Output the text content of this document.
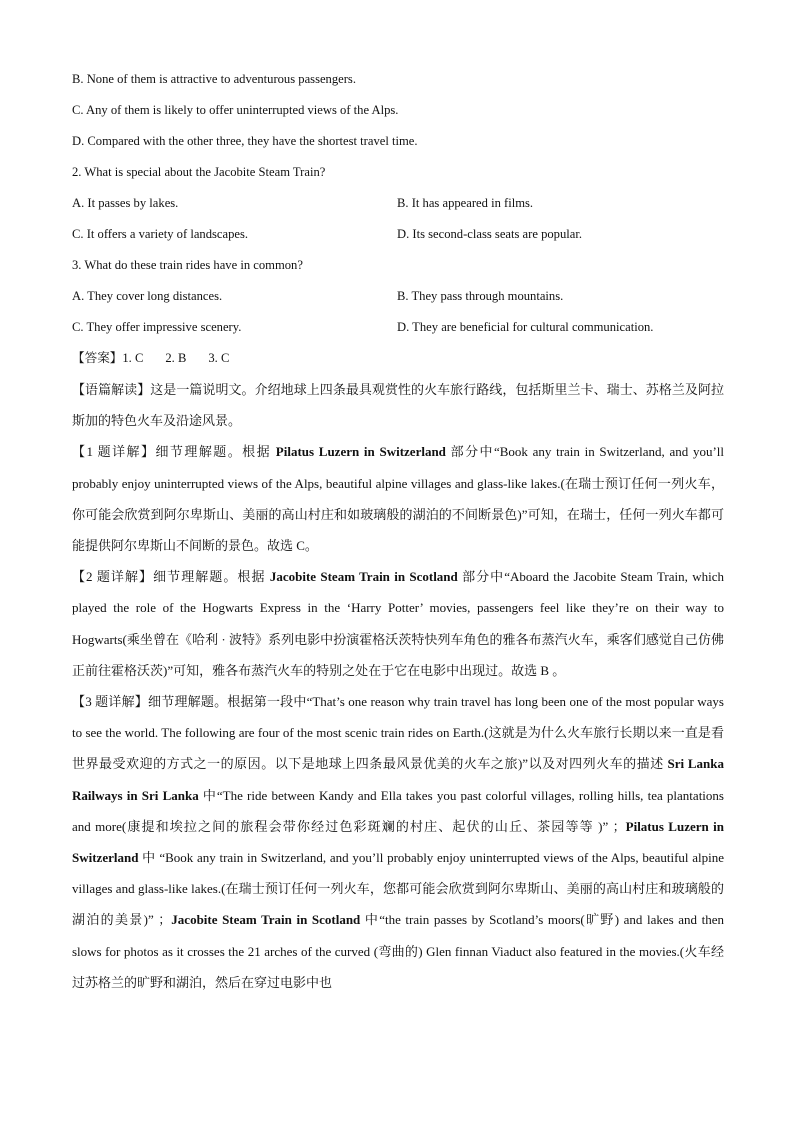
B. None of them is attractive to adventurous passengers.
C. Any of them is likely to offer uninterrupted views of the Alps.
D. Compared with the other three, they have the shortest travel time.
2. What is special about the Jacobite Steam Train?
A. It passes by lakes.	B. It has appeared in films.
C. It offers a variety of landscapes.	D. Its second-class seats are popular.
3. What do these train rides have in common?
A. They cover long distances.	B. They pass through mountains.
C. They offer impressive scenery.	D. They are beneficial for cultural communication.
【答案】1. C 2. B 3. C
【语篇解读】这是一篇说明文。介绍地球上四条最具观赏性的火车旅行路线，包括斯里兰卡、瑞士、苏格兰及阿拉斯加的特色火车及沿途风景。
【1 题详解】细节理解题。根据 Pilatus Luzern in Switzerland 部分中“Book any train in Switzerland, and you’ll probably enjoy uninterrupted views of the Alps, beautiful alpine villages and glass-like lakes.(在瑞士预订任何一列火车，你可能会欣赏到阿尔卑斯山、美丽的高山村庄和如玻璃般的湖泊的不间断景色)”可知，在瑞士，任何一列火车都可能提供阿尔卑斯山不间断的景色。故选 C。
【2 题详解】细节理解题。根据 Jacobite Steam Train in Scotland 部分中“Aboard the Jacobite Steam Train, which played the role of the Hogwarts Express in the ‘Harry Potter’ movies, passengers feel like they’re on their way to Hogwarts(乘坐曾在《哈利 · 波特》系列电影中扮演霍格沃茨特快列车角色的雅各布蒸汽火车，乘客们感觉自己仿佛正前往霍格沃茨)”可知，雅各布蒸汽火车的特别之处在于它在电影中出现过。故选 B 。
【3 题详解】细节理解题。根据第一段中“That’s one reason why train travel has long been one of the most popular ways to see the world. The following are four of the most scenic train rides on Earth.(这就是为什么火车旅行长期以来一直是看世界最受欢迎的方式之一的原因。以下是地球上四条最风景优美的火车之旅)”以及对四列火车的描述 Sri Lanka Railways in Sri Lanka 中“The ride between Kandy and Ella takes you past colorful villages, rolling hills, tea plantations and more(康提和埃拉之间的旅程会带你经过色彩斑斓的村庄、起伏的山丘、茶园等等 )” ；Pilatus Luzern in Switzerland 中 “Book any train in Switzerland, and you’ll probably enjoy uninterrupted views of the Alps, beautiful alpine villages and glass-like lakes.(在瑞士预订任何一列火车，您都可能会欣赏到阿尔卑斯山、美丽的高山村庄和玻璃般的湖泊的美景)” ；Jacobite Steam Train in Scotland 中“the train passes by Scotland’s moors(旷野) and lakes and then slows for photos as it crosses the 21 arches of the curved (弯曲的) Glen finnan Viaduct also featured in the movies.(火车经过苏格兰的旷野和湖泊，然后在穿过电影中也
